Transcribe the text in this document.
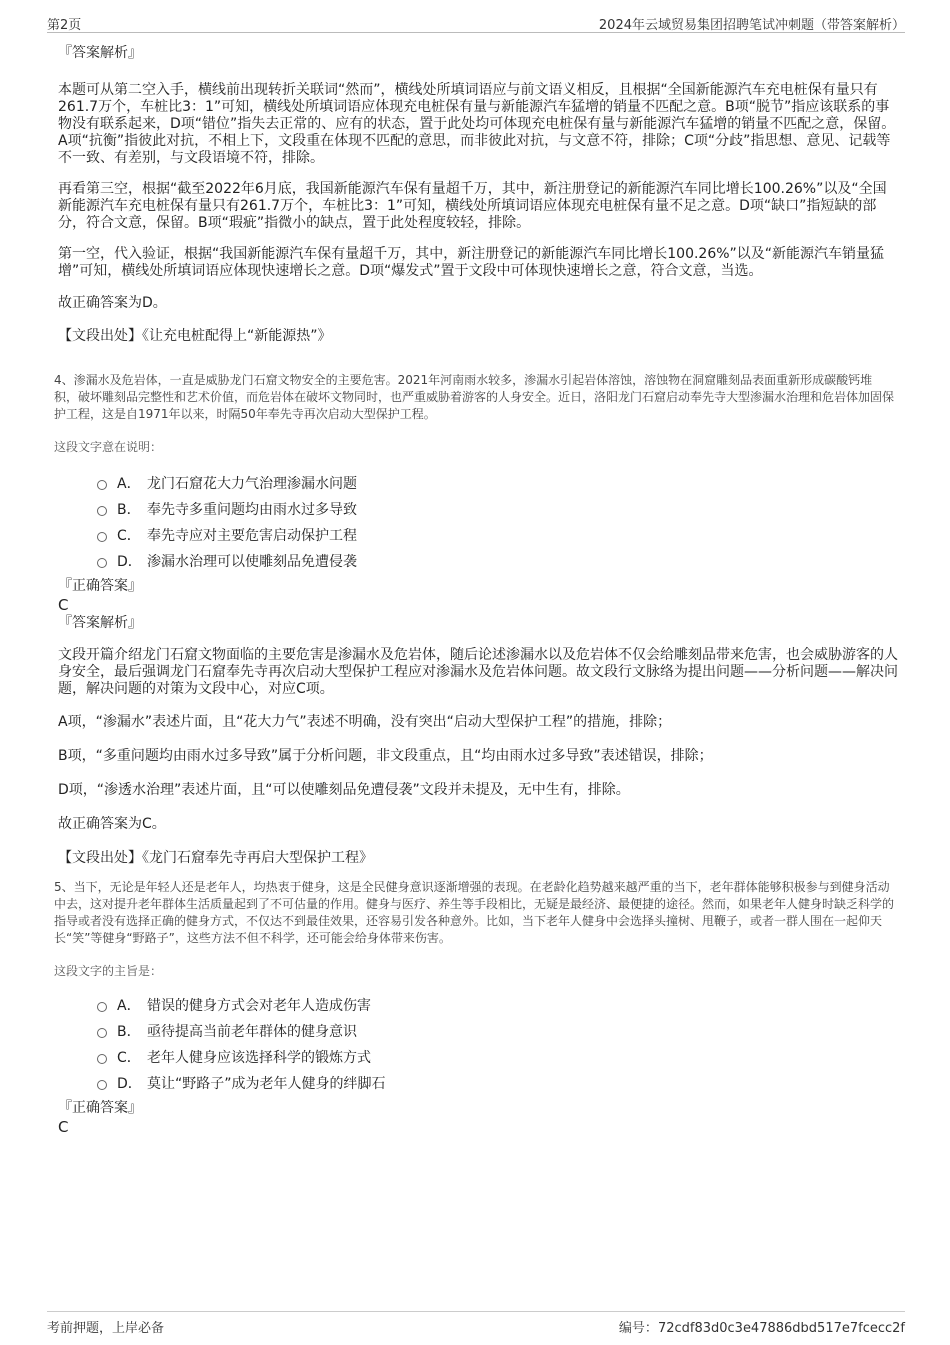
第2页	2024年云域贸易集团招聘笔试冲刺题（带答案解析）

『答案解析』

本题可从第二空入手，横线前出现转折关联词“然而”，横线处所填词语应与前文语义相反，且根据“全国新能源汽车充电桩保有量只有261.7万个，车桩比3：1”可知，横线处所填词语应体现充电桩保有量与新能源汽车猛增的销量不匹配之意。B项“脱节”指应该联系的事物没有联系起来，D项“错位”指失去正常的、应有的状态，置于此处均可体现充电桩保有量与新能源汽车猛增的销量不匹配之意，保留。A项“抗衡”指彼此对抗，不相上下，文段重在体现不匹配的意思，而非彼此对抗，与文意不符，排除；C项“分歧”指思想、意见、记载等不一致、有差别，与文段语境不符，排除。

再看第三空，根据“截至2022年6月底，我国新能源汽车保有量超千万，其中，新注册登记的新能源汽车同比增长100.26%”以及“全国新能源汽车充电桩保有量只有261.7万个，车桩比3：1”可知，横线处所填词语应体现充电桩保有量不足之意。D项“缺口”指短缺的部分，符合文意，保留。B项“瑕疵”指微小的缺点，置于此处程度较轻，排除。

第一空，代入验证，根据“我国新能源汽车保有量超千万，其中，新注册登记的新能源汽车同比增长100.26%”以及“新能源汽车销量猛增”可知，横线处所填词语应体现快速增长之意。D项“爆发式”置于文段中可体现快速增长之意，符合文意，当选。

故正确答案为D。

【文段出处】《让充电桩配得上“新能源热”》

4、渗漏水及危岩体，一直是威胁龙门石窟文物安全的主要危害。2021年河南雨水较多，渗漏水引起岩体溶蚀，溶蚀物在洞窟雕刻品表面重新形成碳酸钙堆积，破坏雕刻品完整性和艺术价值，而危岩体在破坏文物同时，也严重威胁着游客的人身安全。近日，洛阳龙门石窟启动奉先寺大型渗漏水治理和危岩体加固保护工程，这是自1971年以来，时隔50年奉先寺再次启动大型保护工程。

这段文字意在说明：

A． 龙门石窟花大力气治理渗漏水问题
B． 奉先寺多重问题均由雨水过多导致
C． 奉先寺应对主要危害启动保护工程
D． 渗漏水治理可以使雕刻品免遭侵袭

『正确答案』

C

『答案解析』

文段开篇介绍龙门石窟文物面临的主要危害是渗漏水及危岩体，随后论述渗漏水以及危岩体不仅会给雕刻品带来危害，也会威胁游客的人身安全，最后强调龙门石窟奉先寺再次启动大型保护工程应对渗漏水及危岩体问题。故文段行文脉络为提出问题——分析问题——解决问题，解决问题的对策为文段中心，对应C项。

A项，“渗漏水”表述片面，且“花大力气”表述不明确，没有突出“启动大型保护工程”的措施，排除；

B项，“多重问题均由雨水过多导致”属于分析问题，非文段重点，且“均由雨水过多导致”表述错误，排除；

D项，“渗透水治理”表述片面，且“可以使雕刻品免遭侵袭”文段并未提及，无中生有，排除。

故正确答案为C。

【文段出处】《龙门石窟奉先寺再启大型保护工程》

5、当下，无论是年轻人还是老年人，均热衷于健身，这是全民健身意识逐渐增强的表现。在老龄化趋势越来越严重的当下，老年群体能够积极参与到健身活动中去，这对提升老年群体生活质量起到了不可估量的作用。健身与医疗、养生等手段相比，无疑是最经济、最便捷的途径。然而，如果老年人健身时缺乏科学的指导或者没有选择正确的健身方式，不仅达不到最佳效果，还容易引发各种意外。比如，当下老年人健身中会选择头撞树、甩鞭子，或者一群人围在一起仰天长“笑”等健身“野路子”，这些方法不但不科学，还可能会给身体带来伤害。

这段文字的主旨是：

A． 错误的健身方式会对老年人造成伤害
B． 亟待提高当前老年群体的健身意识
C． 老年人健身应该选择科学的锻炼方式
D． 莫让“野路子”成为老年人健身的绊脚石

『正确答案』

C

考前押题，上岸必备	编号：72cdf83d0c3e47886dbd517e7fcecc2f
